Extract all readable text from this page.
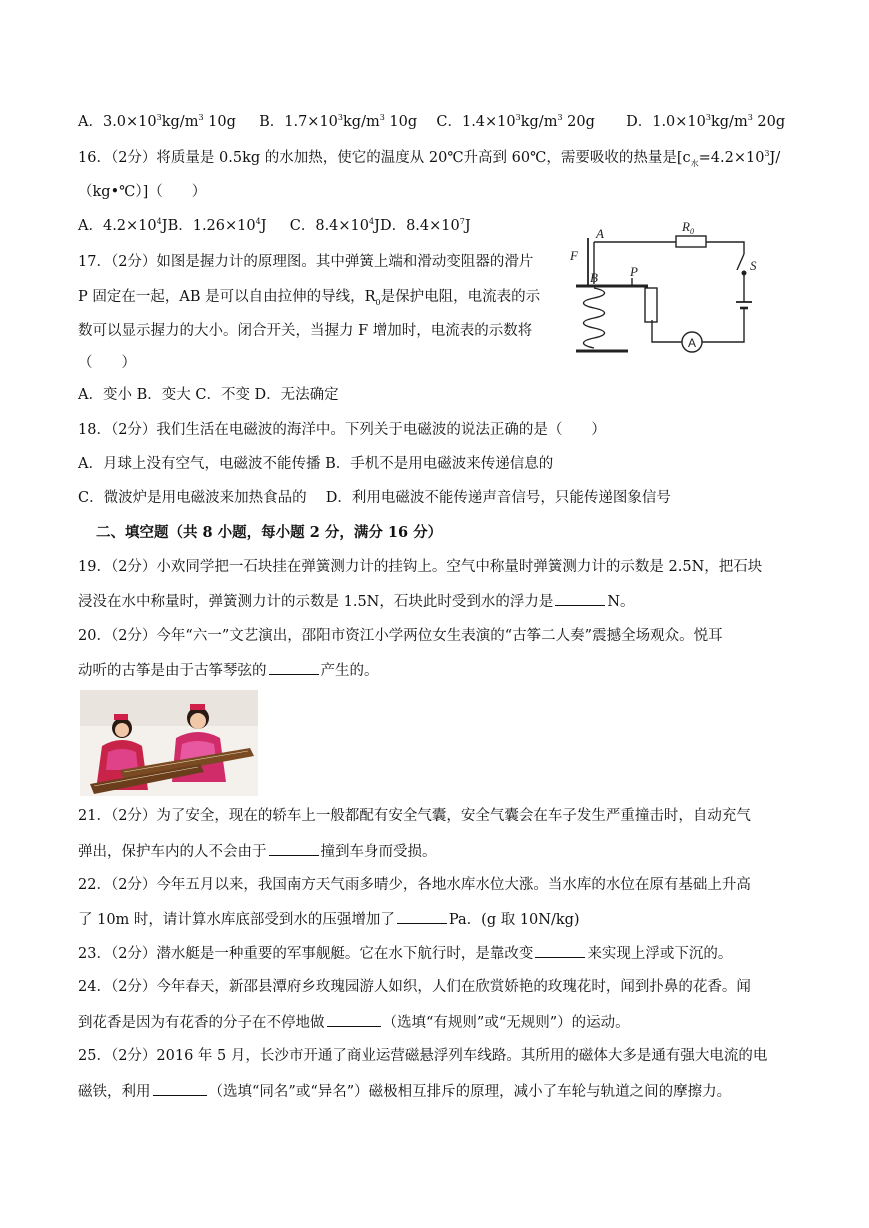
A．$3.0\times 10^3kg/m^3$ 10g B．$1.7\times 10^3kg/m^3$ 10g C．$1.4\times 10^3kg/m^3$ 20g D．$1.0\times 10^3kg/m^3$ 20g
16．（2分）将质量是 0.5kg 的水加热，使它的温度从 20℃升高到 60℃，需要吸收的热量是[$c_水=4.2\times 10^3J/$
（kg•℃）]（　　）
A．$4.2\times 10^4JB$．$1.26\times 10^4J$ C．$8.4\times 10^4JD$．$8.4\times 10^7J$
17．（2分）如图是握力计的原理图。其中弹簧上端和滑动变阻器的滑片
P 固定在一起，AB 是可以自由拉伸的导线，$R_0$是保护电阻，电流表的示
数可以显示握力的大小。闭合开关，当握力 F 增加时，电流表的示数将
（　　）
A．变小 B．变大 C．不变 D．无法确定
F
A
B P
$R_0$
S
A
18．（2分）我们生活在电磁波的海洋中。下列关于电磁波的说法正确的是（　　）
A．月球上没有空气，电磁波不能传播 B．手机不是用电磁波来传递信息的
C．微波炉是用电磁波来加热食品的　 D．利用电磁波不能传递声音信号，只能传递图象信号
二、填空题（共 8 小题，每小题 2 分，满分 16 分）
19．（2分）小欢同学把一石块挂在弹簧测力计的挂钩上。空气中称量时弹簧测力计的示数是 2.5N，把石块
浸没在水中称量时，弹簧测力计的示数是 1.5N，石块此时受到水的浮力是	N。
20．（2分）今年“六一”文艺演出，邵阳市资江小学两位女生表演的“古筝二人奏”震撼全场观众。悦耳
动听的古筝是由于古筝琴弦的	产生的。
21．（2分）为了安全，现在的轿车上一般都配有安全气囊，安全气囊会在车子发生严重撞击时，自动充气
弹出，保护车内的人不会由于	撞到车身而受损。
22．（2分）今年五月以来，我国南方天气雨多晴少，各地水库水位大涨。当水库的水位在原有基础上升高
了 10m 时，请计算水库底部受到水的压强增加了	Pa．(g 取 10N/kg)
23．（2分）潜水艇是一种重要的军事舰艇。它在水下航行时，是靠改变	来实现上浮或下沉的。
24．（2分）今年春天，新邵县潭府乡玫瑰园游人如织，人们在欣赏娇艳的玫瑰花时，闻到扑鼻的花香。闻
到花香是因为有花香的分子在不停地做	（选填“有规则”或“无规则”）的运动。
25．（2分）2016 年 5 月，长沙市开通了商业运营磁悬浮列车线路。其所用的磁体大多是通有强大电流的电
磁铁，利用	（选填“同名”或“异名”）磁极相互排斥的原理，减小了车轮与轨道之间的摩擦力。
